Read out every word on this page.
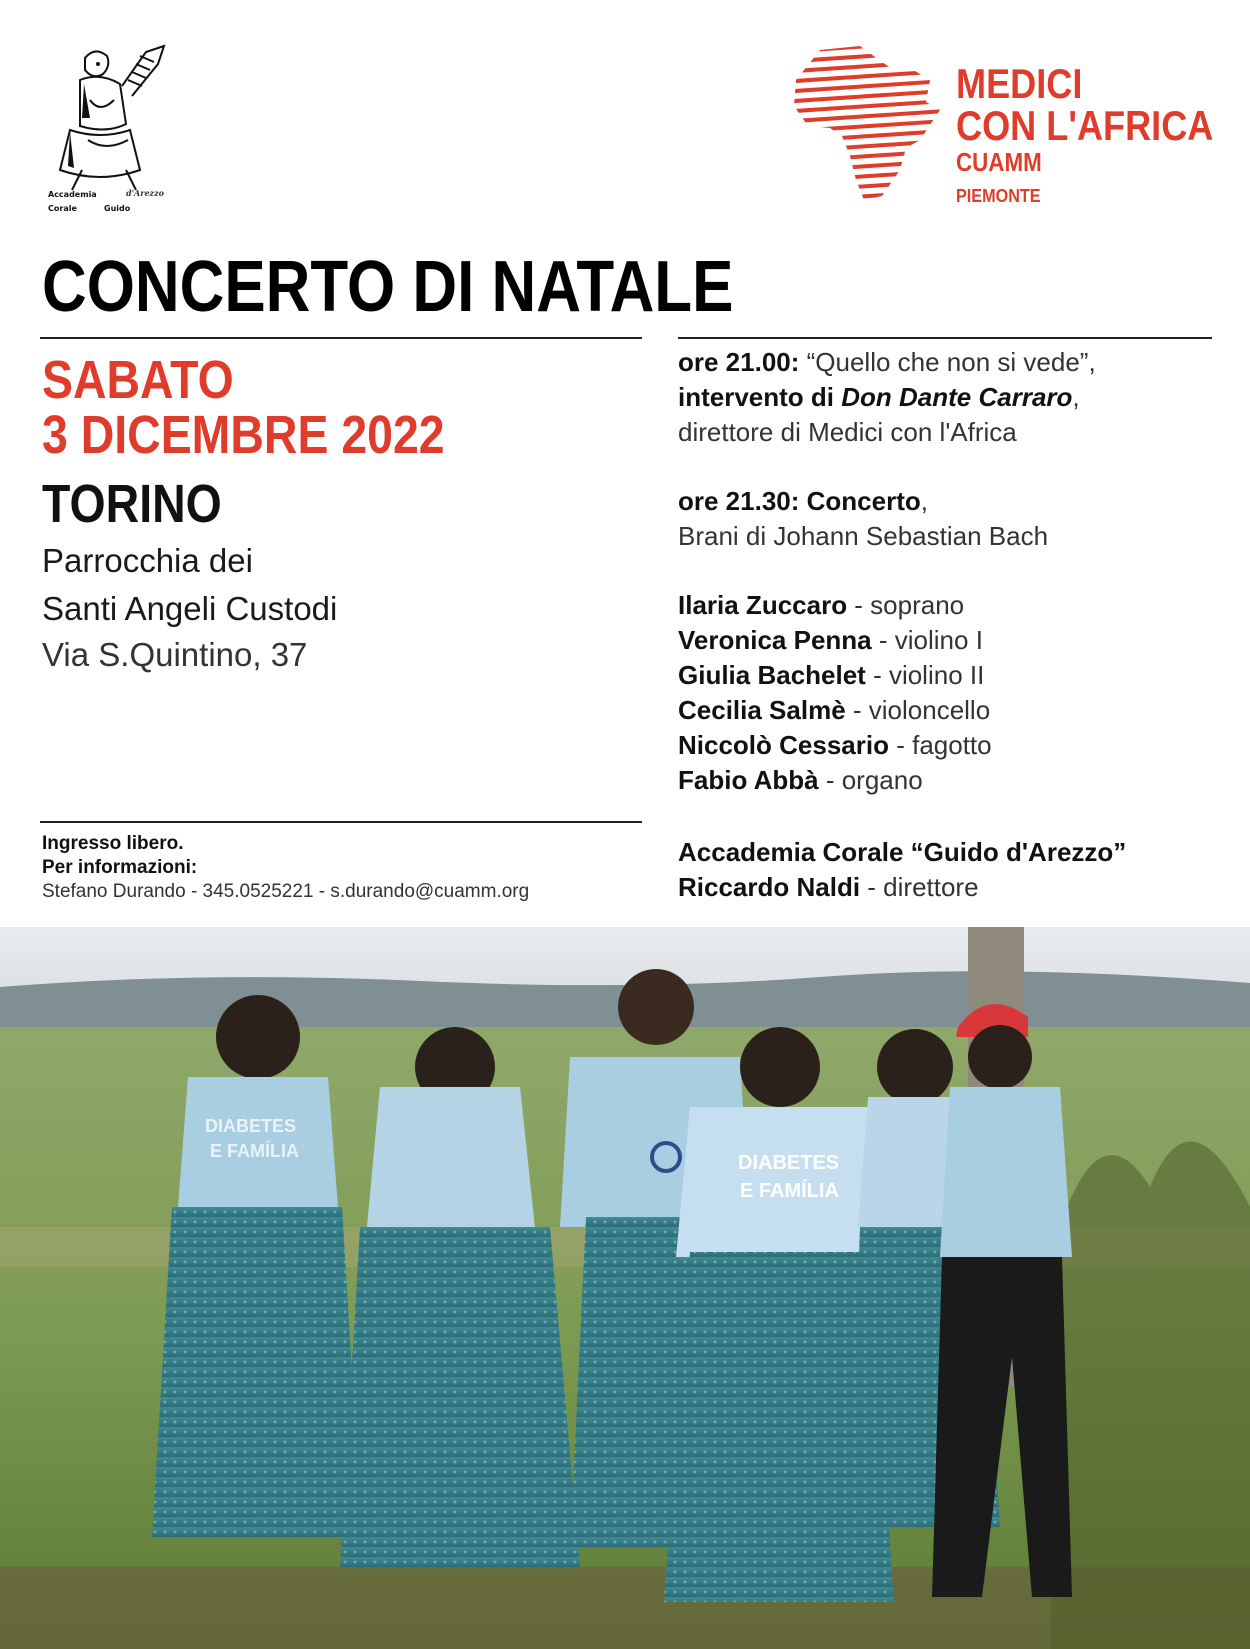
Accademia	d'Arezzo
Corale	Guido
MEDICI
CON L'AFRICA
CUAMM
PIEMONTE
CONCERTO DI NATALE
SABATO
3 DICEMBRE 2022
TORINO
Parrocchia dei
Santi Angeli Custodi
Via S.Quintino, 37
Ingresso libero.
Per informazioni:
Stefano Durando - 345.0525221 - s.durando@cuamm.org

ore 21.00: “Quello che non si vede”,

intervento di Don Dante Carraro,

direttore di Medici con l'Africa

ore 21.30: Concerto,

Brani di Johann Sebastian Bach

Ilaria Zuccaro - soprano

Veronica Penna - violino I

Giulia Bachelet - violino II

Cecilia Salmè - violoncello

Niccolò Cessario - fagotto

Fabio Abbà - organo

Accademia Corale “Guido d'Arezzo”

Riccardo Naldi - direttore

DIABETES
E FAMÍLIA
DIABETES
E FAMÍLIA
